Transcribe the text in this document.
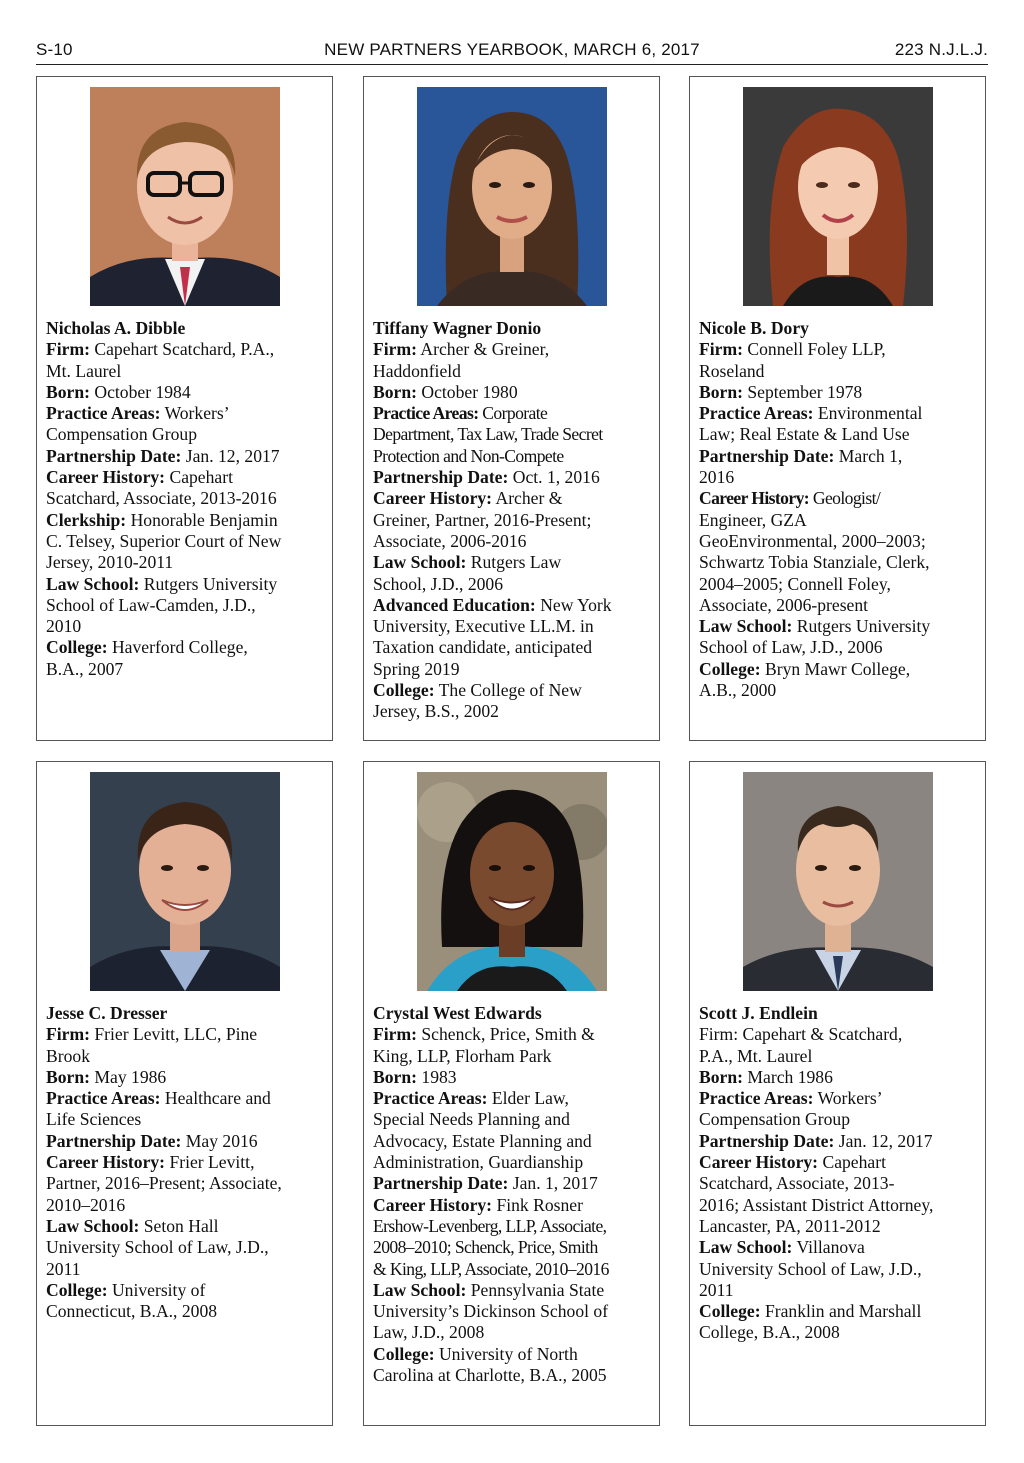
S-10	NEW PARTNERS YEARBOOK, MARCH 6, 2017	223 N.J.L.J.
Nicholas A. Dibble
Firm: Capehart Scatchard, P.A.,
Mt. Laurel
Born: October 1984
Practice Areas: Workers’
Compensation Group
Partnership Date: Jan. 12, 2017
Career History: Capehart
Scatchard, Associate, 2013-2016
Clerkship: Honorable Benjamin
C. Telsey, Superior Court of New
Jersey, 2010-2011
Law School: Rutgers University
School of Law-Camden, J.D.,
2010
College: Haverford College,
B.A., 2007
Tiffany Wagner Donio
Firm: Archer & Greiner,
Haddonfield
Born: October 1980
Practice Areas: Corporate
Department, Tax Law, Trade Secret
Protection and Non-Compete
Partnership Date: Oct. 1, 2016
Career History: Archer &
Greiner, Partner, 2016-Present;
Associate, 2006-2016
Law School: Rutgers Law
School, J.D., 2006
Advanced Education: New York
University, Executive LL.M. in
Taxation candidate, anticipated
Spring 2019
College: The College of New
Jersey, B.S., 2002
Nicole B. Dory
Firm: Connell Foley LLP,
Roseland
Born: September 1978
Practice Areas: Environmental
Law; Real Estate & Land Use
Partnership Date: March 1,
2016
Career History: Geologist/
Engineer, GZA
GeoEnvironmental, 2000–2003;
Schwartz Tobia Stanziale, Clerk,
2004–2005; Connell Foley,
Associate, 2006-present
Law School: Rutgers University
School of Law, J.D., 2006
College: Bryn Mawr College,
A.B., 2000
Jesse C. Dresser
Firm: Frier Levitt, LLC, Pine
Brook
Born: May 1986
Practice Areas: Healthcare and
Life Sciences
Partnership Date: May 2016
Career History: Frier Levitt,
Partner, 2016–Present; Associate,
2010–2016
Law School: Seton Hall
University School of Law, J.D.,
2011
College: University of
Connecticut, B.A., 2008
Crystal West Edwards
Firm: Schenck, Price, Smith &
King, LLP, Florham Park
Born: 1983
Practice Areas: Elder Law,
Special Needs Planning and
Advocacy, Estate Planning and
Administration, Guardianship
Partnership Date: Jan. 1, 2017
Career History: Fink Rosner
Ershow-Levenberg, LLP, Associate,
2008–2010; Schenck, Price, Smith
& King, LLP, Associate, 2010–2016
Law School: Pennsylvania State
University’s Dickinson School of
Law, J.D., 2008
College: University of North
Carolina at Charlotte, B.A., 2005
Scott J. Endlein
Firm: Capehart & Scatchard,
P.A., Mt. Laurel
Born: March 1986
Practice Areas: Workers’
Compensation Group
Partnership Date: Jan. 12, 2017
Career History: Capehart
Scatchard, Associate, 2013-
2016; Assistant District Attorney,
Lancaster, PA, 2011-2012
Law School: Villanova
University School of Law, J.D.,
2011
College: Franklin and Marshall
College, B.A., 2008
